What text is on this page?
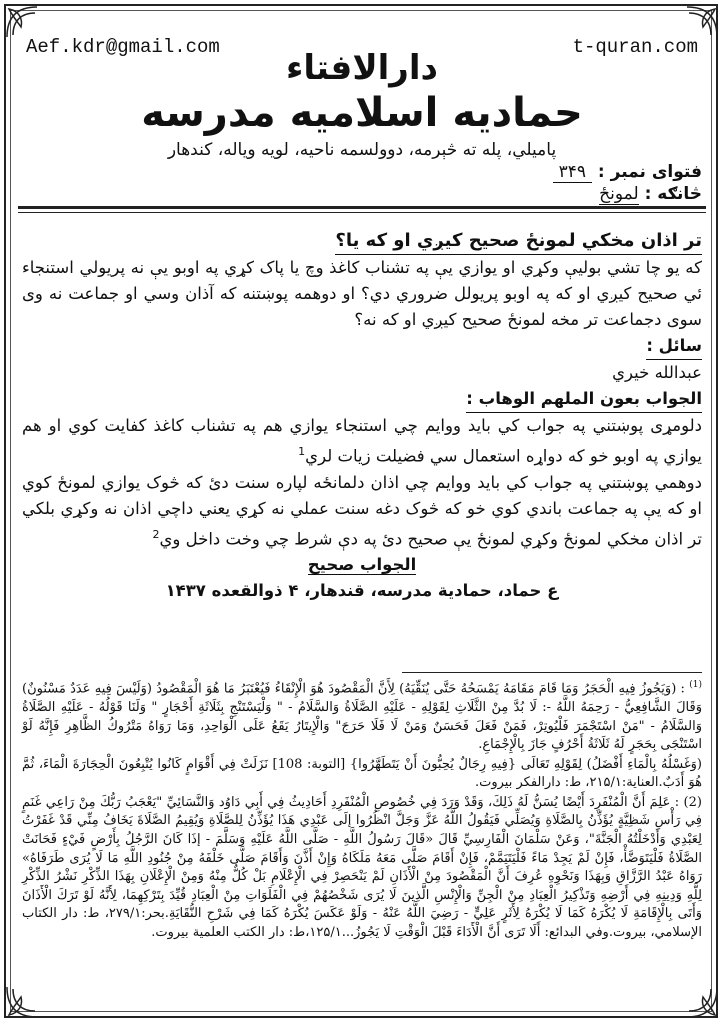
Aef.kdr@gmail.com	t-quran.com
دارالافتاء
حمادیه اسلامیه مدرسه
پامیلي، پله ته څېرمه، دوولسمه ناحیه، لویه ویاله، کندهار
فتوای نمبر : ۳۴۹
څانګه : لمونځ

تر اذان مخکي لمونځ صحیح کیږي او که یا؟

که یو چا تشي بولیې وکړي او یوازي یې په تشناب کاغذ وچ یا پاک کړي په اوبو یې نه پریولي استنجاء ئي صحیح کیږي او که په اوبو پریولل ضروري دي؟ او دوهمه پوښتنه که آذان وسي او جماعت نه وی سوی دجماعت تر مخه لمونځ صحیح کیږي او که نه؟

سائل :

عبدالله خیري

الجواب بعون الملهم الوهاب :

دلومړی پوښتني په جواب کي باید ووایم چي استنجاء یوازي هم په تشناب کاغذ کفایت کوي او هم یوازي په اوبو خو که دواړه استعمال سي فضیلت زیات لري$^1$

دوهمي پوښتني په جواب کي باید ووایم چي اذان دلمانځه لپاره سنت دئ که څوک یوازي لمونځ کوي او که یې په جماعت باندي کوي خو که څوک دغه سنت عملي نه کړي یعني داچي اذان نه وکړي بلکي تر اذان مخکي لمونځ وکړي لمونځ یې صحیح دئ په دې شرط چي وخت داخل وي$^2$

الجواب صحیح

ع حماد، حمادیة مدرسه، قندهار، ۴ ذوالقعده ۱۴۳۷

$^{(1)}$ : (وَيَجُوزُ فِيهِ الْحَجَرُ وَمَا قَامَ مَقَامَهُ يَمْسَحُهُ حَتَّى يُنَقِّيَهُ) لِأَنَّ الْمَقْصُودَ هُوَ الْإِنْقَاءُ فَيُعْتَبَرُ مَا هُوَ الْمَقْصُودُ (وَلَيْسَ فِيهِ عَدَدٌ مَسْنُونٌ) وَقَالَ الشَّافِعِيُّ - رَحِمَهُ اللَّهُ -: لَا بُدَّ مِنْ الثَّلَاثِ لِقَوْلِهِ - عَلَيْهِ الصَّلَاةُ وَالسَّلَامُ - " وَلْيَسْتَنْجِ بِثَلَاثَةِ أَحْجَارٍ " وَلَنَا قَوْلُهُ - عَلَيْهِ الصَّلَاةُ وَالسَّلَامُ - "مَنْ اسْتَجْمَرَ فَلْيُوتِرْ، فَمَنْ فَعَلَ فَحَسَنٌ وَمَنْ لَا فَلَا حَرَجَ" وَالْإِيتَارُ يَقَعُ عَلَى الْوَاحِدِ، وَمَا رَوَاهُ مَتْرُوكُ الظَّاهِرِ فَإِنَّهُ لَوْ اسْتَنْجَى بِحَجَرٍ لَهُ ثَلَاثَةُ أَحْرُفٍ جَازَ بِالْإِجْمَاعِ.

(وَغَسْلُهُ بِالْمَاءِ أَفْضَلُ) لِقَوْلِهِ تَعَالَى {فِيهِ رِجَالٌ يُحِبُّونَ أَنْ يَتَطَهَّرُوا} [التوبة: 108] نَزَلَتْ فِي أَقْوَامٍ كَانُوا يُتْبِعُونَ الْحِجَارَةَ الْمَاءَ، ثُمَّ هُوَ أَدَبٌ.العناية:۲۱۵/۱، ط: دارالفکر بیروت.

(2) : عَلِمَ أَنَّ الْمُنْفَرِدَ أَيْضًا يُسَنُّ لَهُ ذَلِكَ، وَقَدْ وَرَدَ فِي خُصُوصِ الْمُنْفَرِدِ أَحَادِيثُ فِي أَبِي دَاوُد وَالنَّسَائِيِّ "يَعْجَبُ رَبُّكَ مِنْ رَاعِي غَنَمٍ فِي رَأْسِ شَظِيَّةٍ يُؤَذِّنُ بِالصَّلَاةِ وَيُصَلِّي فَيَقُولُ اللَّهُ عَزَّ وَجَلَّ انْظُرُوا إلَى عَبْدِي هَذَا يُؤَذِّنُ لِلصَّلَاةِ وَيُقِيمُ الصَّلَاةَ يَخَافُ مِنِّي قَدْ غَفَرْتُ لِعَبْدِي وَأَدْخَلْتُهُ الْجَنَّةَ"، وَعَنْ سَلْمَانَ الْفَارِسِيِّ قَالَ «قَالَ رَسُولُ اللَّهِ - صَلَّى اللَّهُ عَلَيْهِ وَسَلَّمَ - إذَا كَانَ الرَّجُلُ بِأَرْضٍ فَيْءٍ فَحَانَتْ الصَّلَاةُ فَلْيَتَوَضَّأْ، فَإِنْ لَمْ يَجِدْ مَاءً فَلْيَتَيَمَّمْ، فَإِنْ أَقَامَ صَلَّى مَعَهُ مَلَكَاهُ وَإِنْ أَذَّنَ وَأَقَامَ صَلَّى خَلْفَهُ مِنْ جُنُودِ اللَّهِ مَا لَا يُرَى طَرَفَاهُ» رَوَاهُ عَبْدُ الرَّزَّاقِ وَبِهَذَا وَنَحْوِهِ عُرِفَ أَنَّ الْمَقْصُودَ مِنْ الْأَذَانِ لَمْ يَنْحَصِرْ فِي الْإِعْلَامِ بَلْ كُلٌّ مِنْهُ وَمِنْ الْإِعْلَانِ بِهَذَا الذِّكْرِ نَشْرُ الذِّكْرِ لِلَّهِ وَدِينِهِ فِي أَرْضِهِ وَتَذْكِيرُ الْعِبَادِ مِنْ الْجِنِّ وَالْإِنْسِ الَّذِينَ لَا يُرَى شَخْصُهُمْ فِي الْفَلَوَاتِ مِنْ الْعِبَادِ قُيِّدَ بِتَرْكِهِمَا، لِأَنَّهُ لَوْ تَرَكَ الْأَذَانَ وَأَتَى بِالْإِقَامَةِ لَا يُكْرَهُ كَمَا لَا يُكْرَهُ لِأَثَرٍ عَلِيٍّ - رَضِيَ اللَّهُ عَنْهُ - وَلَوْ عَكَسَ يُكْرَهُ كَمَا فِي شَرْحِ النُّقَايَةِ.بحر:۲۷۹/۱، ط: دار الکتاب الإسلامي، بیروت.وفي البدائع: أَلَا تَرَى أَنَّ الْأَدَاءَ قَبْلَ الْوَقْتِ لَا يَجُوزُ...۱۲۵/۱،ط: دار الکتب العلمیة بیروت.
